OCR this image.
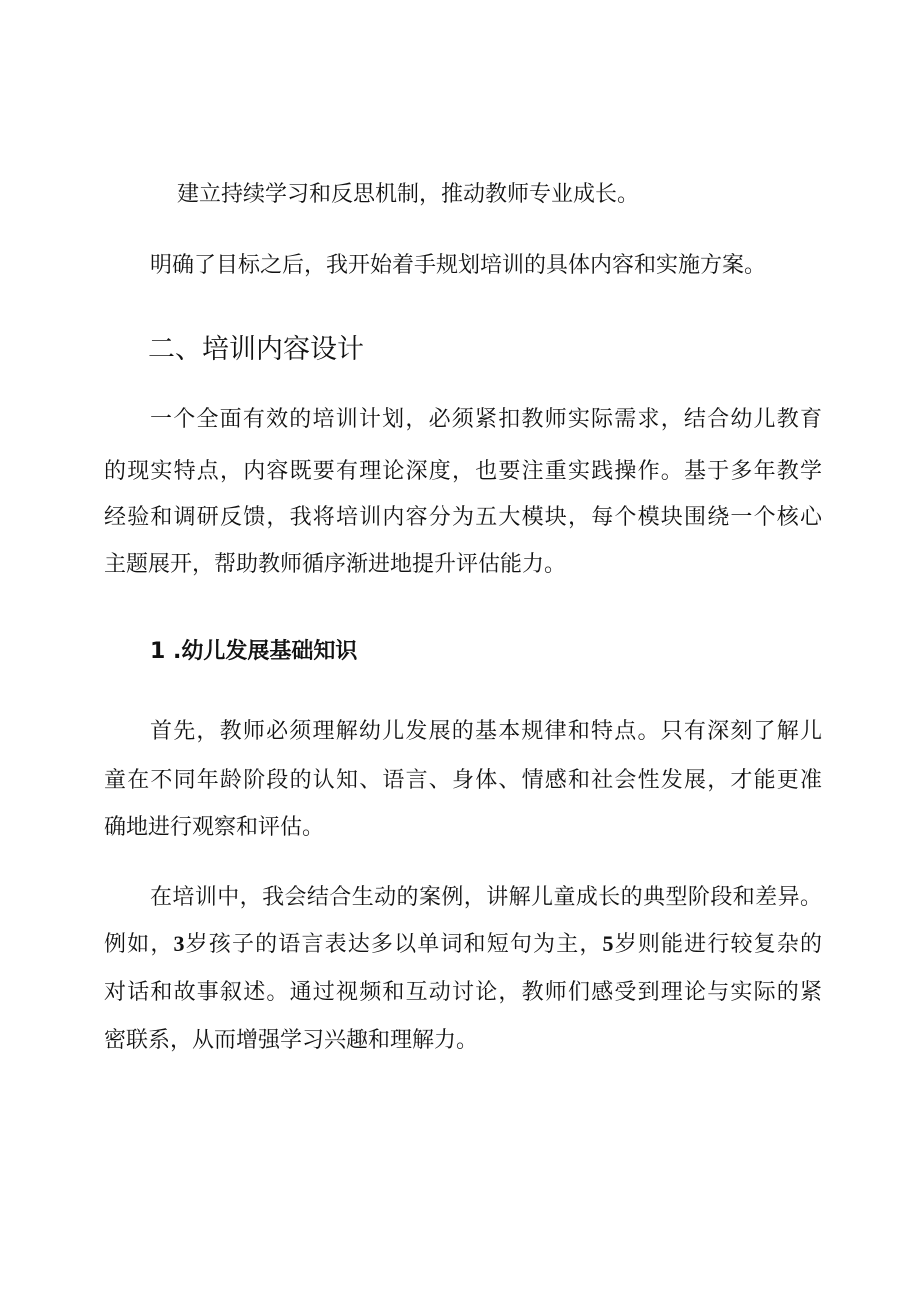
建立持续学习和反思机制，推动教师专业成长。
明确了目标之后，我开始着手规划培训的具体内容和实施方案。
二、培训内容设计
一个全面有效的培训计划，必须紧扣教师实际需求，结合幼儿教育
的现实特点，内容既要有理论深度，也要注重实践操作。基于多年教学
经验和调研反馈，我将培训内容分为五大模块，每个模块围绕一个核心
主题展开，帮助教师循序渐进地提升评估能力。
1 .幼儿发展基础知识
首先，教师必须理解幼儿发展的基本规律和特点。只有深刻了解儿
童在不同年龄阶段的认知、语言、身体、情感和社会性发展，才能更准
确地进行观察和评估。
在培训中，我会结合生动的案例，讲解儿童成长的典型阶段和差异。
例如，3岁孩子的语言表达多以单词和短句为主，5岁则能进行较复杂的
对话和故事叙述。通过视频和互动讨论，教师们感受到理论与实际的紧
密联系，从而增强学习兴趣和理解力。
